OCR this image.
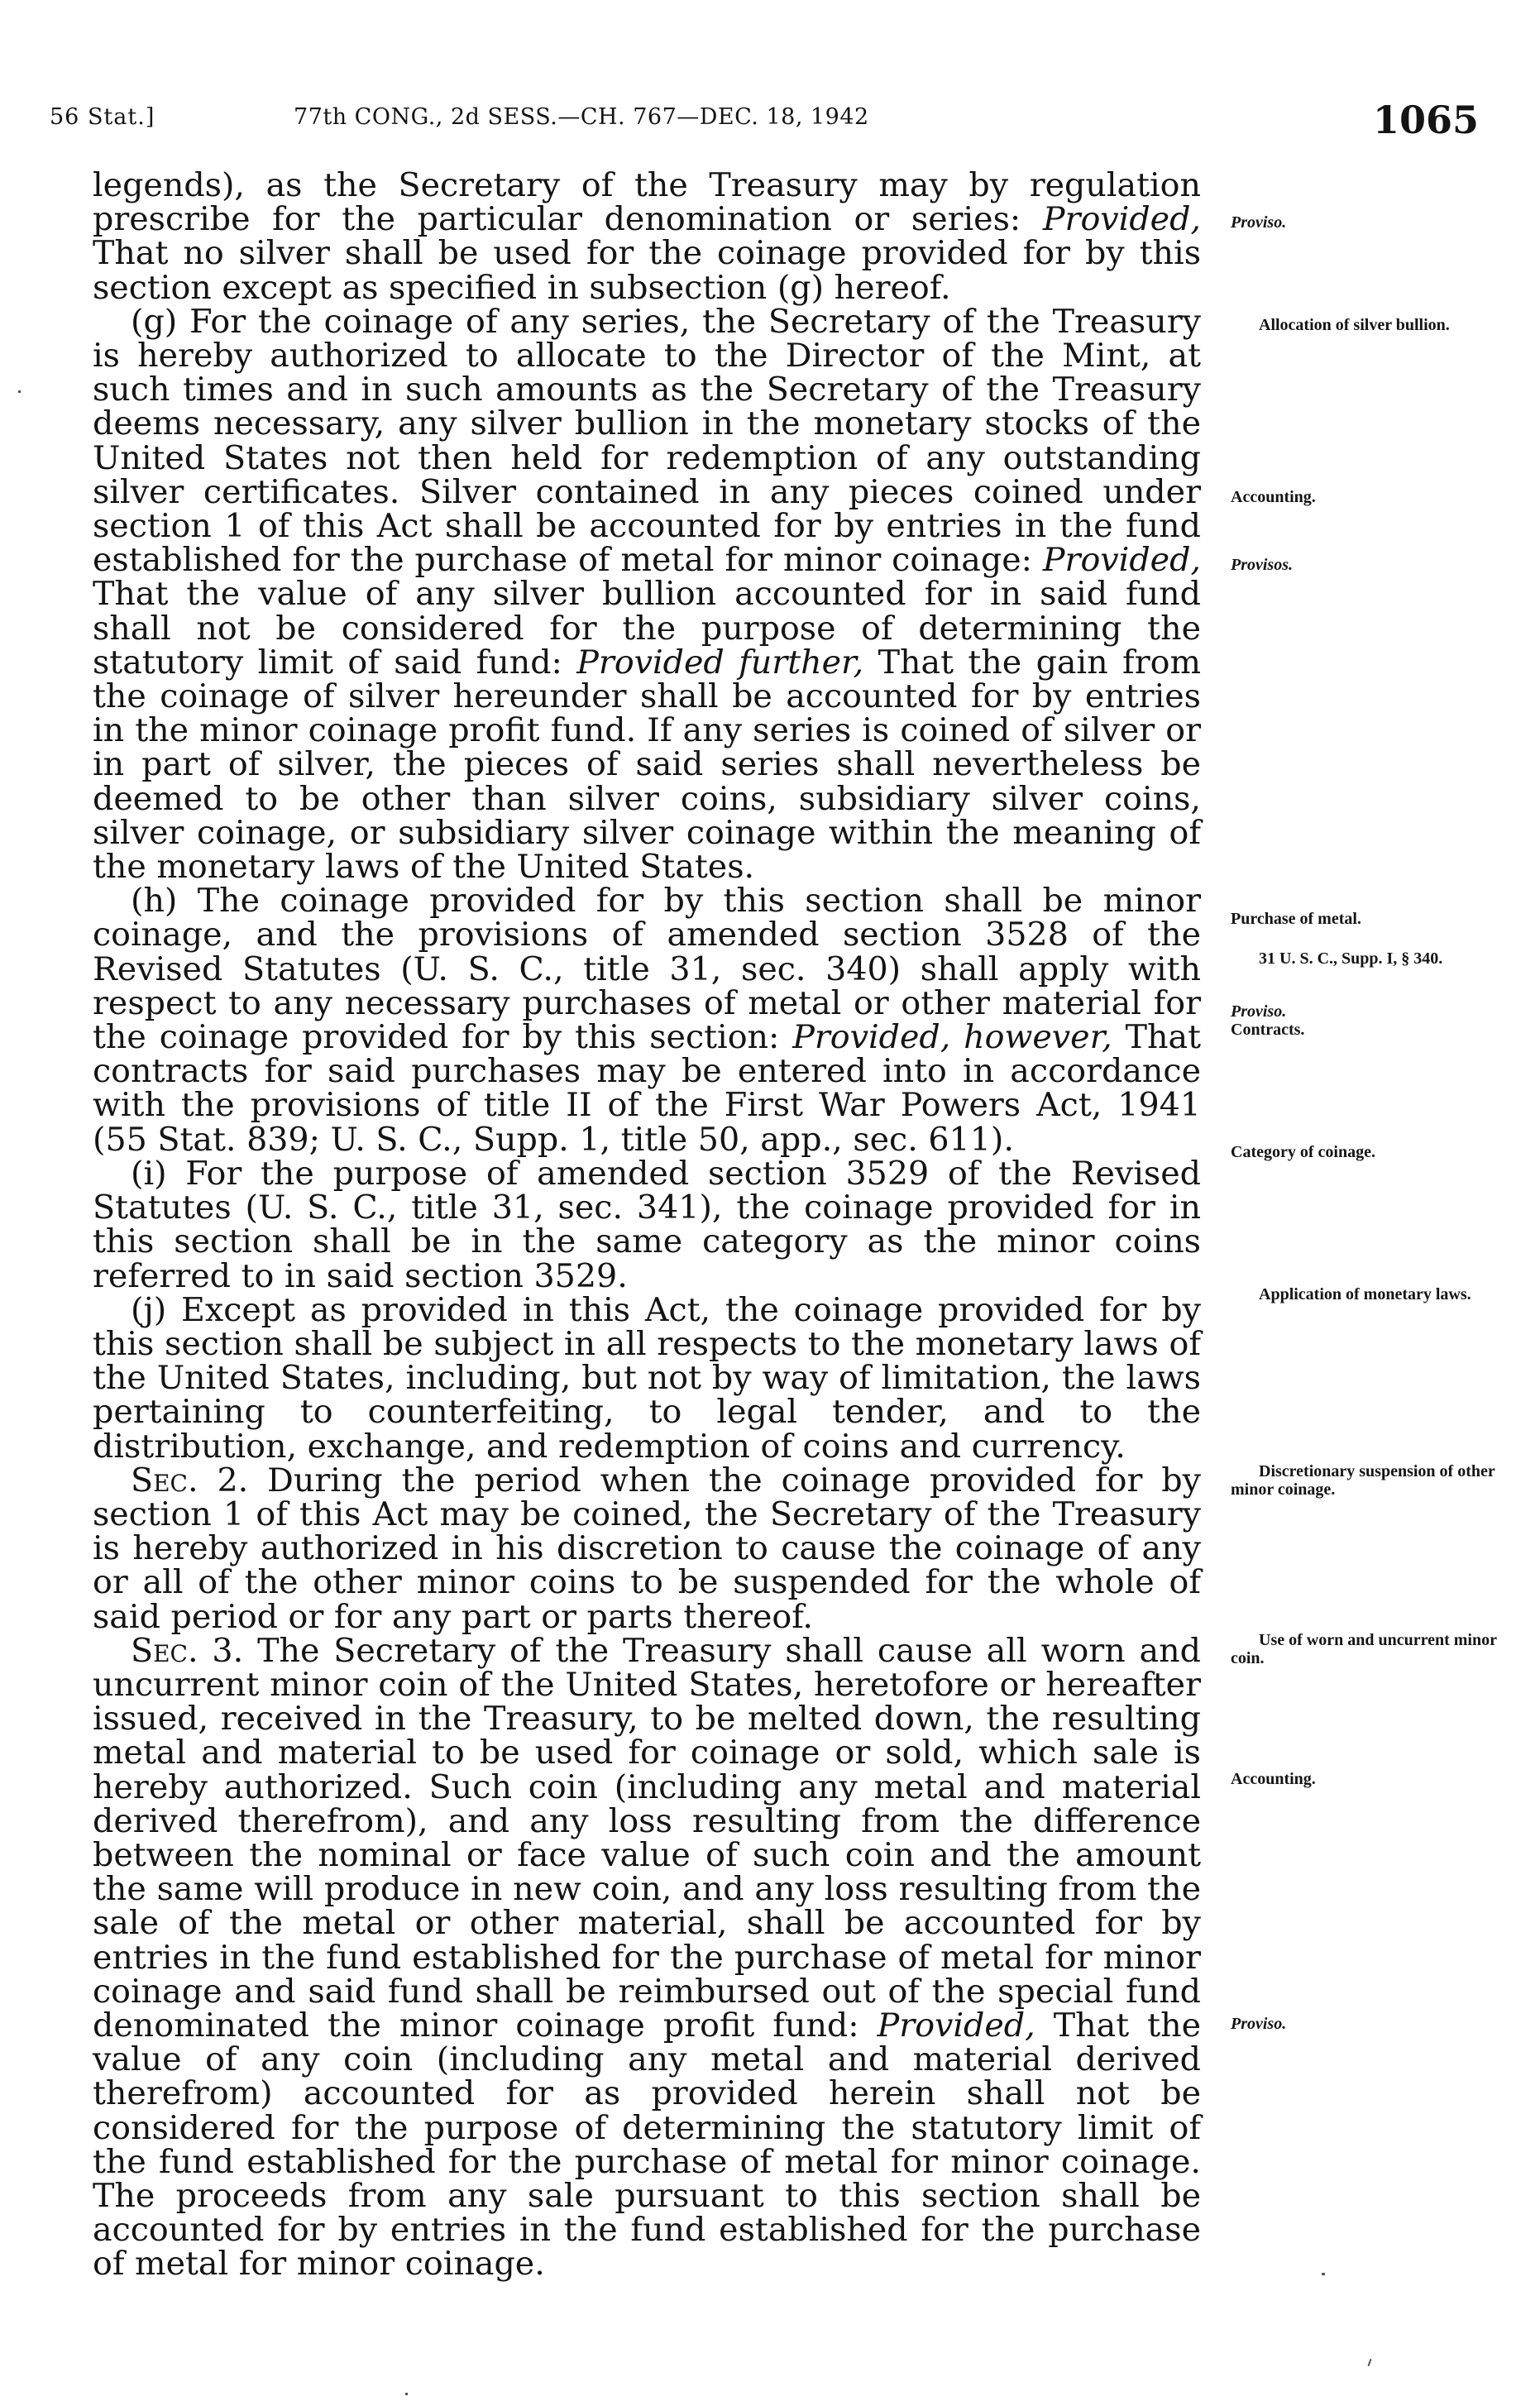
56 Stat.]	77th CONG., 2d SESS.—CH. 767—DEC. 18, 1942	1065

legends), as the Secretary of the Treasury may by regulation prescribe for the particular denomination or series: Provided, That no silver shall be used for the coinage provided for by this section except as specified in subsection (g) hereof.

(g) For the coinage of any series, the Secretary of the Treasury is hereby authorized to allocate to the Director of the Mint, at such times and in such amounts as the Secretary of the Treasury deems necessary, any silver bullion in the monetary stocks of the United States not then held for redemption of any outstanding silver certificates. Silver contained in any pieces coined under section 1 of this Act shall be accounted for by entries in the fund established for the purchase of metal for minor coinage: Provided, That the value of any silver bullion accounted for in said fund shall not be considered for the purpose of determining the statutory limit of said fund: Provided further, That the gain from the coinage of silver hereunder shall be accounted for by entries in the minor coinage profit fund. If any series is coined of silver or in part of silver, the pieces of said series shall nevertheless be deemed to be other than silver coins, subsidiary silver coins, silver coinage, or subsidiary silver coinage within the meaning of the monetary laws of the United States.

(h) The coinage provided for by this section shall be minor coinage, and the provisions of amended section 3528 of the Revised Statutes (U. S. C., title 31, sec. 340) shall apply with respect to any necessary purchases of metal or other material for the coinage provided for by this section: Provided, however, That contracts for said purchases may be entered into in accordance with the provisions of title II of the First War Powers Act, 1941 (55 Stat. 839; U. S. C., Supp. 1, title 50, app., sec. 611).

(i) For the purpose of amended section 3529 of the Revised Statutes (U. S. C., title 31, sec. 341), the coinage provided for in this section shall be in the same category as the minor coins referred to in said section 3529.

(j) Except as provided in this Act, the coinage provided for by this section shall be subject in all respects to the monetary laws of the United States, including, but not by way of limitation, the laws pertaining to counterfeiting, to legal tender, and to the distribution, exchange, and redemption of coins and currency.

Sec. 2. During the period when the coinage provided for by section 1 of this Act may be coined, the Secretary of the Treasury is hereby authorized in his discretion to cause the coinage of any or all of the other minor coins to be suspended for the whole of said period or for any part or parts thereof.

Sec. 3. The Secretary of the Treasury shall cause all worn and uncurrent minor coin of the United States, heretofore or hereafter issued, received in the Treasury, to be melted down, the resulting metal and material to be used for coinage or sold, which sale is hereby authorized. Such coin (including any metal and material derived therefrom), and any loss resulting from the difference between the nominal or face value of such coin and the amount the same will produce in new coin, and any loss resulting from the sale of the metal or other material, shall be accounted for by entries in the fund established for the purchase of metal for minor coinage and said fund shall be reimbursed out of the special fund denominated the minor coinage profit fund: Provided, That the value of any coin (including any metal and material derived therefrom) accounted for as provided herein shall not be considered for the purpose of determining the statutory limit of the fund established for the purchase of metal for minor coinage. The proceeds from any sale pursuant to this section shall be accounted for by entries in the fund established for the purchase of metal for minor coinage.

Proviso.
Allocation of silver bullion.
Accounting.
Provisos.
Purchase of metal.
31 U. S. C., Supp. I, § 340.
Proviso.
Contracts.
Category of coinage.
Application of monetary laws.
Discretionary suspension of other minor coinage.
Use of worn and uncurrent minor coin.
Accounting.
Proviso.
